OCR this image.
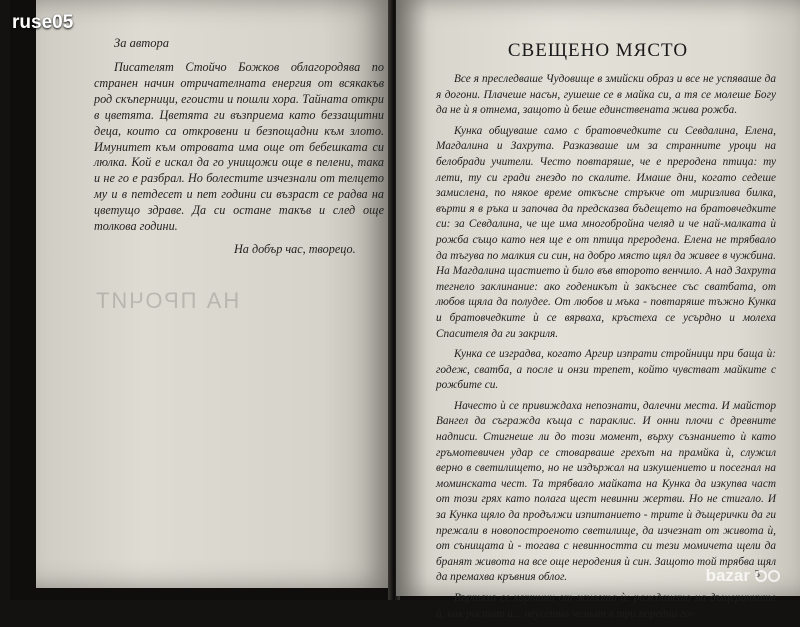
За автора

Писателят Стойчо Божков облагородява по странен начин отричателната енергия от всякакъв род скъперници, егоисти и пошли хора. Тайната откри в цветята. Цветята ги възприема като беззащитни деца, които са откровени и безпощадни към злото. Имунитет към отровата има още от бебешката си люлка. Кой е искал да го унищожи още в пелени, така и не го е разбрал. Но болестите изчезнали от телцето му и в петдесет и пет години си възраст се радва на цветущо здраве. Да си остане такъв и след още толкова години.

На добър час, творецо.
НА ПРОЧИТ
СВЕЩЕНО МЯСТО

Все я преследваше Чудовище в змийски образ и все не успяваше да я догони. Плачеше насън, гушеше се в майка си, а тя се молеше Богу да не ѝ я отнема, защото ѝ беше единствената жива рожба.

Кунка общуваше само с братовчедките си Севдалина, Елена, Магдалина и Захрута. Разказваше им за странните уроци на белобради учители. Често повтаряше, че е преродена птица: ту лети, ту си гради гнездо по скалите. Имаше дни, когато седеше замислена, по някое време откъсне стръкче от миризлива билка, върти я в ръка и започва да предсказва бъдещето на братовчедките си: за Севдалина, че ще има многобройна челяд и че най-малката ѝ рожба също като нея ще е от птица преродена. Елена не трябвало да тъгува по малкия си син, на добро място щял да живее в чужбина. На Магдалина щастието ѝ било във второто венчило. А над Захрута тегнело заклинание: ако годеникът ѝ закъснее със сватбата, от любов щяла да полудее. От любов и мъка - повтаряше тъжно Кунка и братовчедките ѝ се вярваха, кръстеха се усърдно и молеха Спасителя да ги закриля.

Кунка се изградва, когато Аргир изпрати стройници при баща ѝ: годеж, сватба, а после и онзи трепет, който чувстват майките с рожбите си.

Начесто ѝ се привиждаха непознати, далечни места. И майстор Вангел да съгражда къща с параклис. И онни плочи с древните надписи. Стигнеше ли до този момент, върху съзнанието ѝ като гръмотевичен удар се стоварваше грехът на прамйка ѝ, служил верно в светилището, но не издържал на изкушението и посегнал на моминската чест. Та трябвало майката на Кунка да изкупва част от този грях като полага щест невинни жертви. Но не стигало. И за Кунка щяло да продължи изпитанието - трите ѝ дъщерички да ги прежали в новопостроеното светилище, да изчезнат от живота ѝ, от сънищата ѝ - тогава с невинността си тези момичета щели да бранят живота на все още неродения ѝ син. Защото той трябва щял да премахва кръвния облог.

Въртяха се картини от живота ѝ: раждането на дъщеричките ѝ, как растат и... неусетно чезнат в три поредни го-

3
ruse05
bazar
